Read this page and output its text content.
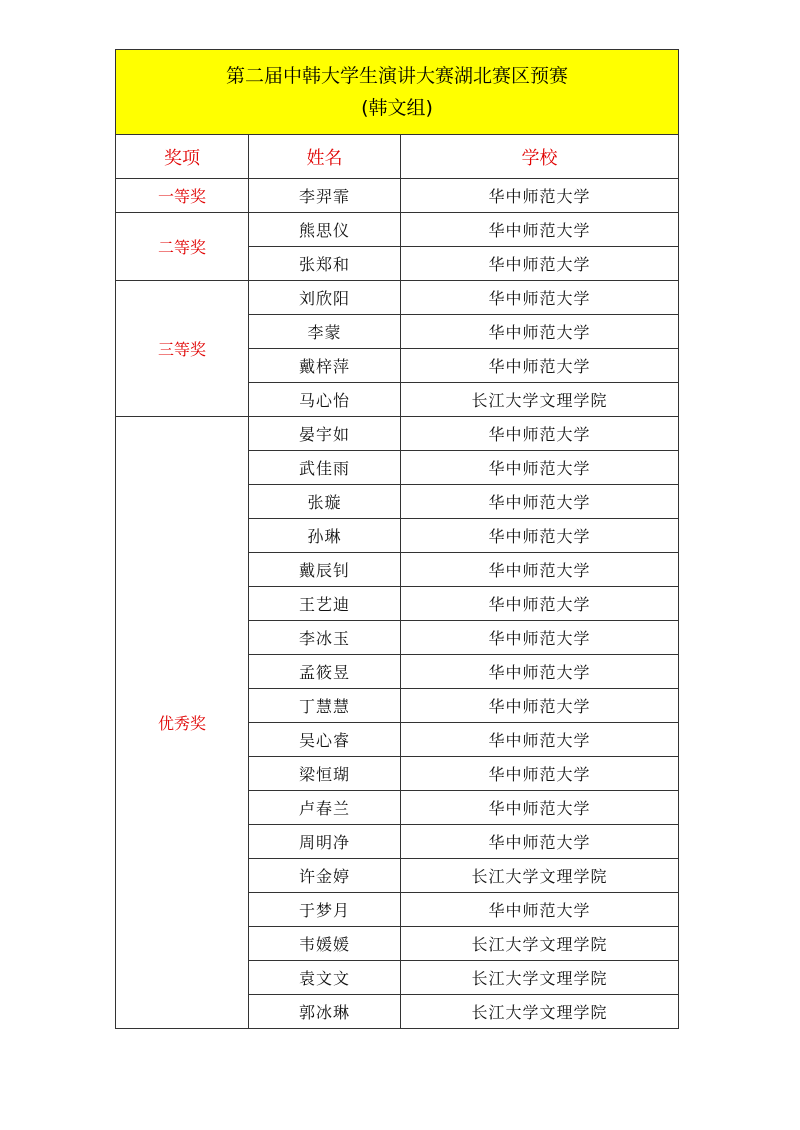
第二届中韩大学生演讲大赛湖北赛区预赛
(韩文组)		

奖项	姓名	学校
一等奖	李羿霏	华中师范大学
二等奖	熊思仪	华中师范大学
	张郑和	华中师范大学
三等奖	刘欣阳	华中师范大学
	李蒙	华中师范大学
	戴梓萍	华中师范大学
	马心怡	长江大学文理学院
优秀奖	晏宇如	华中师范大学
	武佳雨	华中师范大学
	张璇	华中师范大学
	孙琳	华中师范大学
	戴辰钊	华中师范大学
	王艺迪	华中师范大学
	李冰玉	华中师范大学
	孟筱昱	华中师范大学
	丁慧慧	华中师范大学
	吴心睿	华中师范大学
	梁恒瑚	华中师范大学
	卢春兰	华中师范大学
	周明净	华中师范大学
	许金婷	长江大学文理学院
	于梦月	华中师范大学
	韦媛媛	长江大学文理学院
	袁文文	长江大学文理学院
	郭冰琳	长江大学文理学院
